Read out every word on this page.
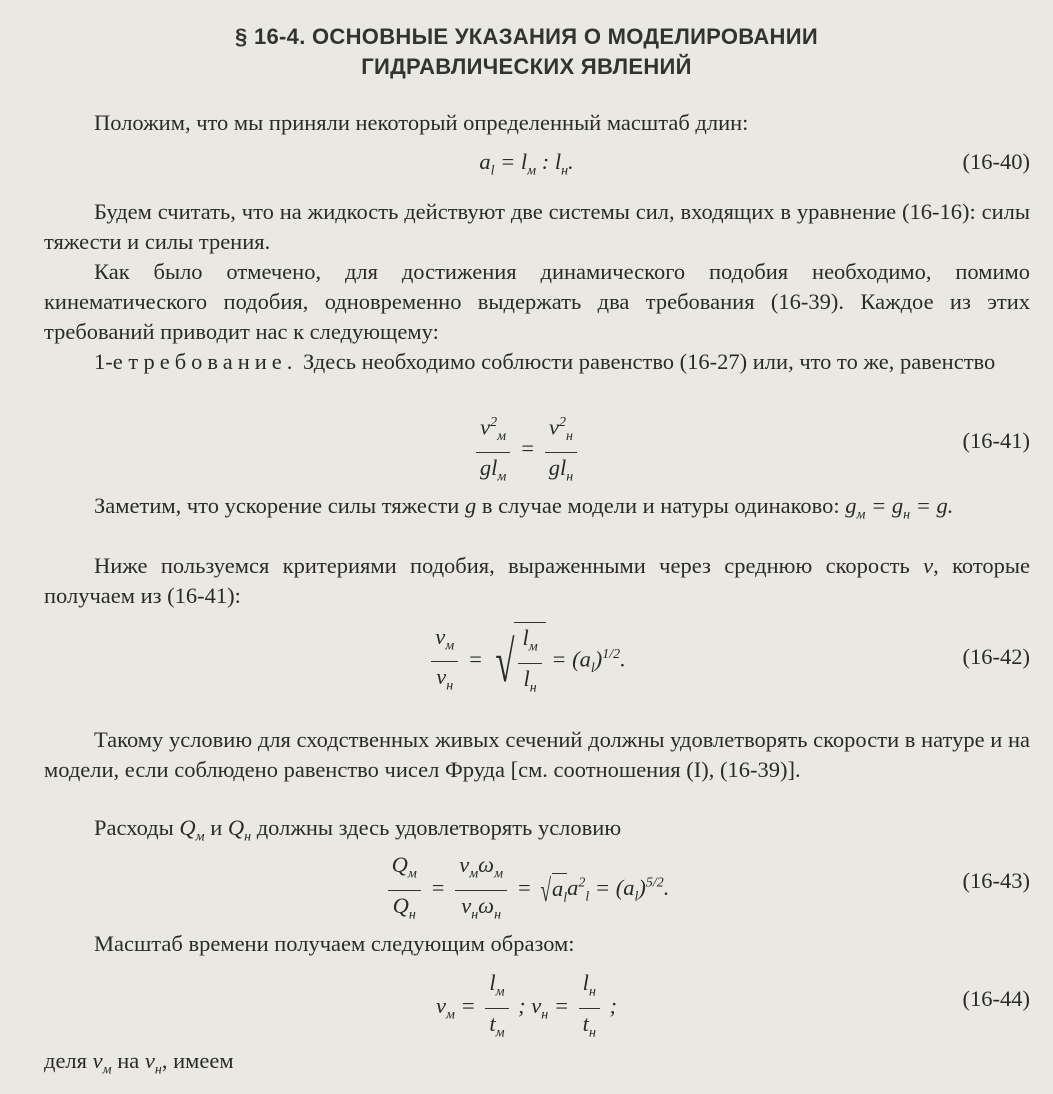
§ 16-4. ОСНОВНЫЕ УКАЗАНИЯ О МОДЕЛИРОВАНИИ
ГИДРАВЛИЧЕСКИХ ЯВЛЕНИЙ
Положим, что мы приняли некоторый определенный масштаб длин:
$a_l = l_м$ : $l_н$.	(16-40)
Будем считать, что на жидкость действуют две системы сил, входящих в уравнение (16-16): силы тяжести и силы трения.
Как было отмечено, для достижения динамического подобия необходимо, помимо кинематического подобия, одновременно выдержать два требования (16-39). Каждое из этих требований приводит нас к следующему:
1-е требование. Здесь необходимо соблюсти равенство (16-27) или, что то же, равенство
$\frac{v^2_м}{gl_м} = \frac{v^2_н}{gl_н}$	(16-41)
Заметим, что ускорение силы тяжести g в случае модели и натуры одинаково: $g_м = g_н = g$.
Ниже пользуемся критериями подобия, выраженными через среднюю скорость v, которые получаем из (16-41):
$\frac{v_м}{v_н}$ = √ $\frac{l_м}{l_н} = (a_l)^{1/2}$.	(16-42)
Такому условию для сходственных живых сечений должны удовлетворять скорости в натуре и на модели, если соблюдено равенство чисел Фруда [см. соотношения (I), (16-39)].
Расходы $Q_м$ и $Q_н$ должны здесь удовлетворять условию
$\frac{Q_м}{Q_н} = \frac{v_м\omega_м}{v_н\omega_н}$ = √ $a_l$ $a^2_l = (a_l)^{5/2}$.	(16-43)
Масштаб времени получаем следующим образом:
$v_м = \frac{l_м}{t_м}$ ; $v_н = \frac{l_н}{t_н}$ ;	(16-44)
деля $v_м$ на $v_н$, имеем
